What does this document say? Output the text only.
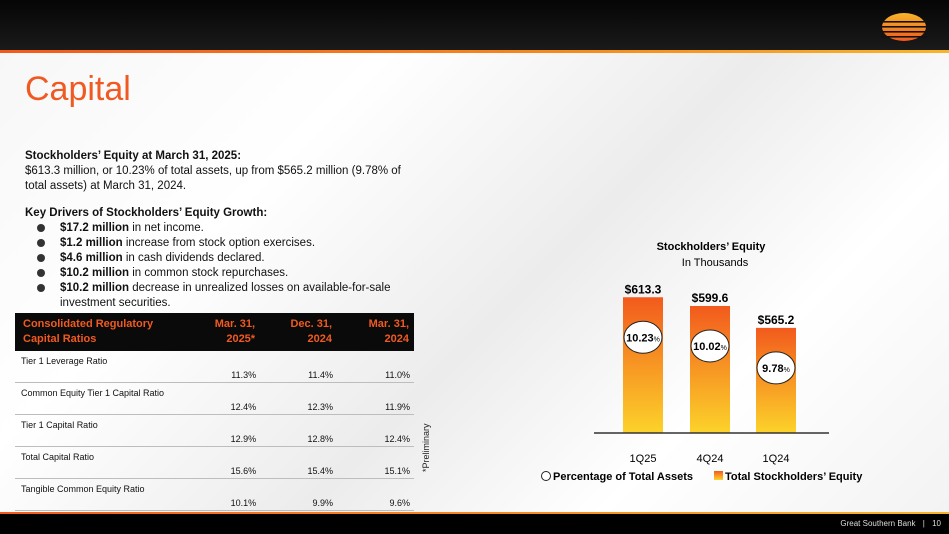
Capital

Stockholders’ Equity at March 31, 2025:

$613.3 million, or 10.23% of total assets, up from $565.2 million (9.78% of total assets) at March 31, 2024.

Key Drivers of Stockholders’ Equity Growth:

$17.2 million in net income.
$1.2 million increase from stock option exercises.
$4.6 million in cash dividends declared.
$10.2 million in common stock repurchases.
$10.2 million decrease in unrealized losses on available-for-sale investment securities.
Consolidated Regulatory Capital Ratios	Mar. 31, 2025*	Dec. 31, 2024	Mar. 31, 2024
Tier 1 Leverage Ratio	11.3%	11.4%	11.0%
Common Equity Tier 1 Capital Ratio	12.4%	12.3%	11.9%
Tier 1 Capital Ratio	12.9%	12.8%	12.4%
Total Capital Ratio	15.6%	15.4%	15.1%
Tangible Common Equity Ratio	10.1%	9.9%	9.6%
*Preliminary
Stockholders’ Equity
In Thousands
$613.3
10.23%
1Q25
$599.6
10.02%
4Q24
$565.2
9.78%
1Q24
Percentage of Total Assets	Total Stockholders’ Equity
Great Southern Bank | 10
